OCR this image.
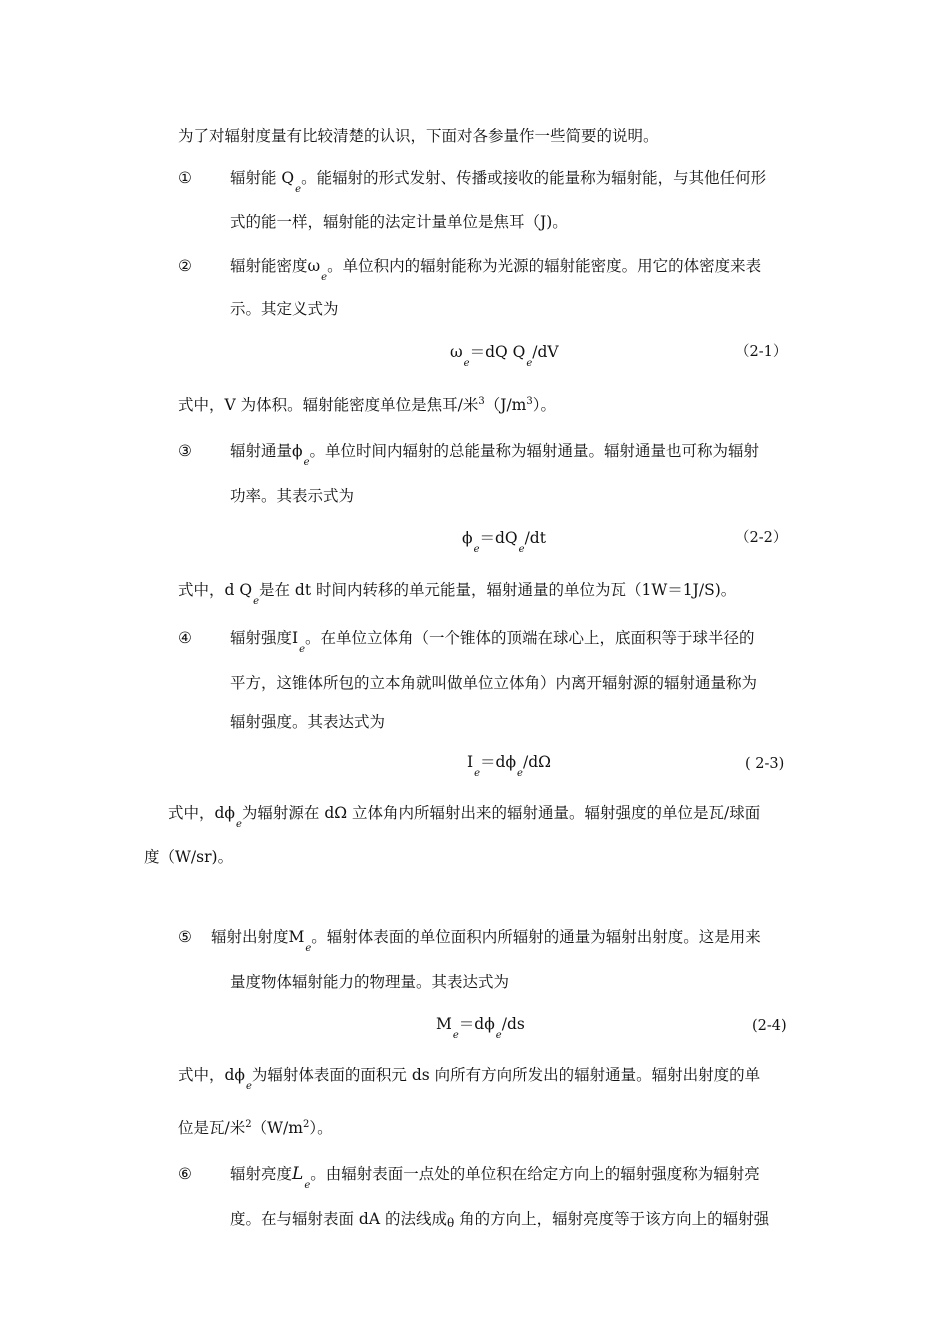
为了对辐射度量有比较清楚的认识，下面对各参量作一些简要的说明。
① 辐射能 $Q_e$。能辐射的形式发射、传播或接收的能量称为辐射能，与其他任何形
式的能一样，辐射能的法定计量单位是焦耳（J)。
② 辐射能密度$\omega_e$。单位积内的辐射能称为光源的辐射能密度。用它的体密度来表
示。其定义式为
$\omega_e=dQ$ $Q_e/dV$	（2-1）
式中，V 为体积。辐射能密度单位是焦耳/米$^3(J/m^3)$。
③ 辐射通量$\phi_e$。单位时间内辐射的总能量称为辐射通量。辐射通量也可称为辐射
功率。其表示式为
$\phi_e=dQ_e/dt$	（2-2）
式中，d $Q_e$是在 dt 时间内转移的单元能量，辐射通量的单位为瓦（1W＝1J/S)。
④ 辐射强度$I_e$。在单位立体角（一个锥体的顶端在球心上，底面积等于球半径的
平方，这锥体所包的立本角就叫做单位立体角）内离开辐射源的辐射通量称为
辐射强度。其表达式为
$I_e=d\phi_e/d\Omega$	( 2-3)
式中，$d\phi_e$为辐射源在 dΩ 立体角内所辐射出来的辐射通量。辐射强度的单位是瓦/球面
度（W/sr)。
⑤ 辐射出射度$M_e$。辐射体表面的单位面积内所辐射的通量为辐射出射度。这是用来
量度物体辐射能力的物理量。其表达式为
$M_e=d\phi_e/ds$	(2-4)
式中，$d\phi_e$为辐射体表面的面积元 ds 向所有方向所发出的辐射通量。辐射出射度的单
位是瓦/米$^2(W/m^2)$。
⑥ 辐射亮度$L_e$。由辐射表面一点处的单位积在给定方向上的辐射强度称为辐射亮
度。在与辐射表面 dA 的法线成θ 角的方向上，辐射亮度等于该方向上的辐射强
